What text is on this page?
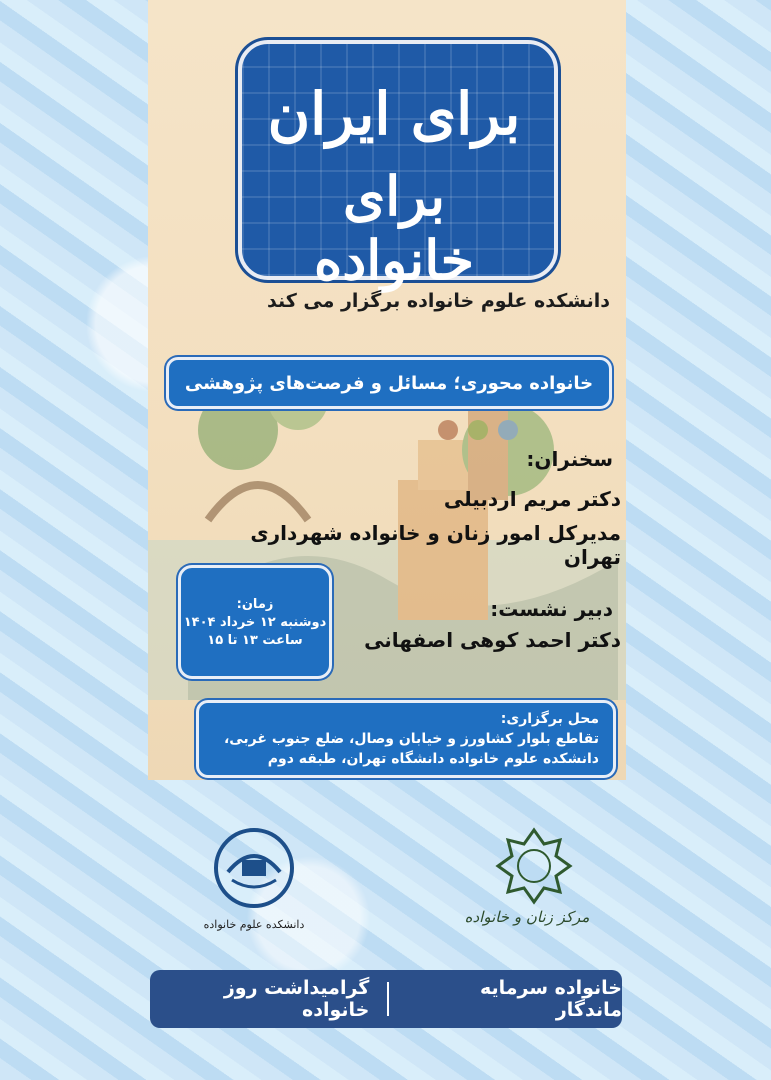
برای ایران
برای خانواده
دانشکده علوم خانواده برگزار می کند
خانواده محوری؛ مسائل و فرصت‌های پژوهشی
سخنران:
دکتر مریم اردبیلی
مدیرکل امور زنان و خانواده شهرداری تهران
زمان:
دوشنبه ۱۲ خرداد ۱۴۰۴
ساعت ۱۳ تا ۱۵
دبیر نشست:
دکتر احمد کوهی اصفهانی
محل برگزاری:
تقاطع بلوار کشاورز و خیابان وصال، ضلع جنوب غربی،
دانشکده علوم خانواده دانشگاه تهران، طبقه دوم
دانشکده علوم خانواده	مرکز زنان و خانواده
خانواده سرمایه ماندگار
گرامیداشت روز خانواده
